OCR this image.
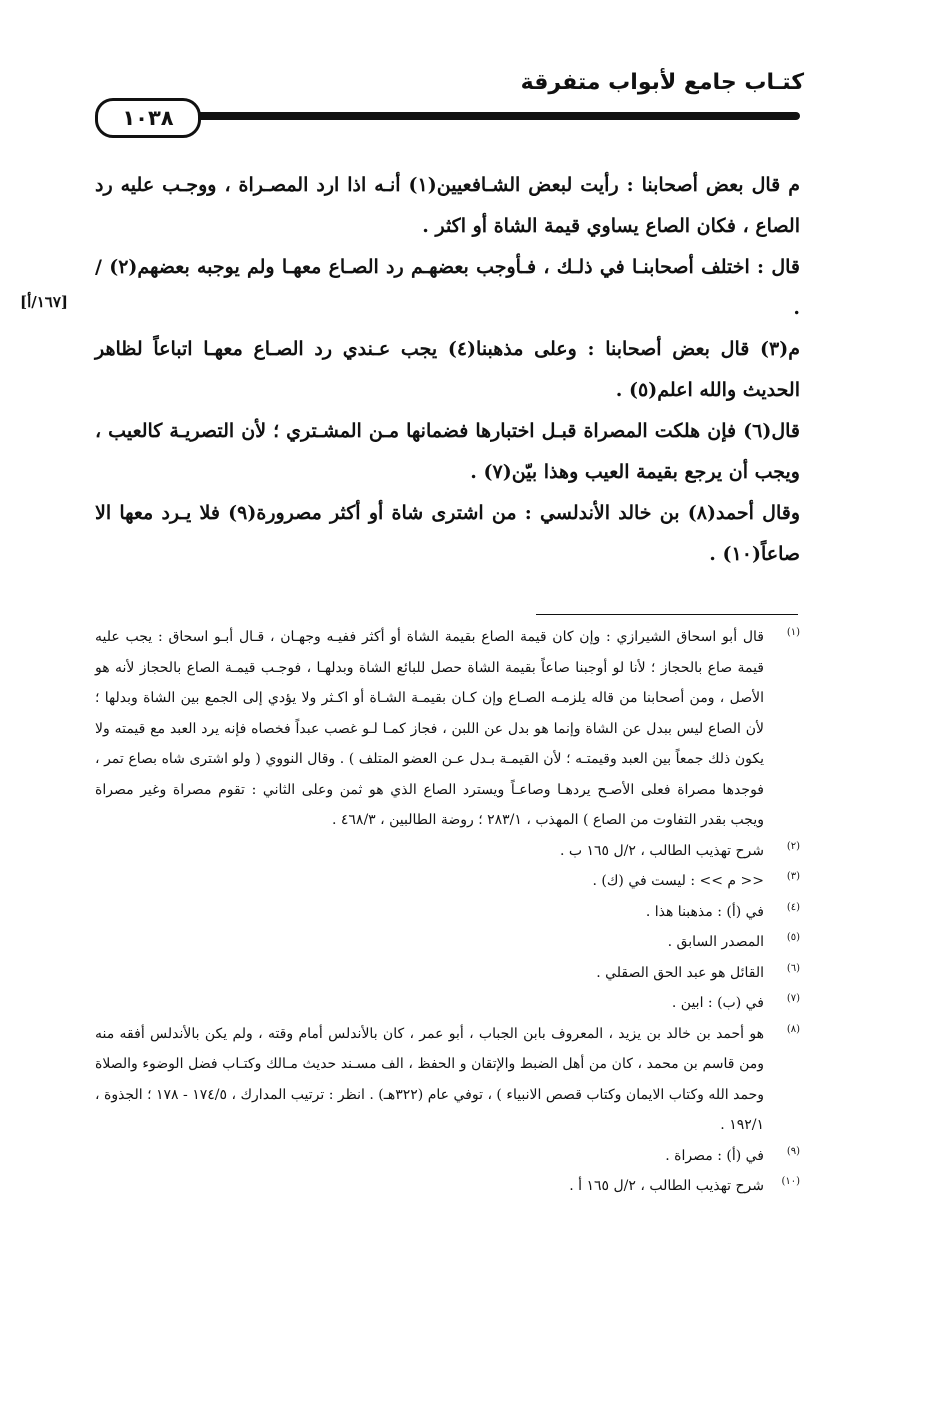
كتـاب جامع لأبواب متفرقة
١٠٣٨
[١٦٧/أ]

م قال بعض أصحابنا : رأيت لبعض الشـافعيين(١) أنـه اذا ارد المصـراة ، ووجـب عليه رد الصاع ، فكان الصاع يساوي قيمة الشاة أو اكثر .

قال : اختلف أصحابنـا في ذلـك ، فـأوجب بعضهـم رد الصـاع معهـا ولم يوجبه بعضهم(٢) / .

م(٣) قال بعض أصحابنا : وعلى مذهبنا(٤) يجب عـندي رد الصـاع معهـا اتباعاً لظاهر الحديث والله اعلم(٥) .

قال(٦) فإن هلكت المصراة قبـل اختبارها فضمانها مـن المشـتري ؛ لأن التصريـة كالعيب ، ويجب أن يرجع بقيمة العيب وهذا بيّن(٧) .

وقال أحمد(٨) بن خالد الأندلسي : من اشترى شاة أو أكثر مصرورة(٩) فلا يـرد معها الا صاعاً(١٠) .

(١)
قال أبو اسحاق الشيرازي : وإن كان قيمة الصاع بقيمة الشاة أو أكثر ففيـه وجهـان ، قـال أبـو اسحاق : يجب عليه قيمة صاع بالحجاز ؛ لأنا لو أوجبنا صاعاً بقيمة الشاة حصل للبائع الشاة وبدلهـا ، فوجـب قيمـة الصاع بالحجاز لأنه هو الأصل ، ومن أصحابنا من قاله يلزمـه الصـاع وإن كـان بقيمـة الشـاة أو اكـثر ولا يؤدي إلى الجمع بين الشاة وبدلها ؛ لأن الصاع ليس ببدل عن الشاة وإنما هو بدل عن اللبن ، فجاز كمـا لـو غصب عبداً فخصاه فإنه يرد العبد مع قيمته ولا يكون ذلك جمعاً بين العبد وقيمتـه ؛ لأن القيمـة بـدل عـن العضو المتلف ) . وقال النووي ( ولو اشترى شاه بصاع تمر ، فوجدها مصراة فعلى الأصـح يردهـا وصاعـاً ويسترد الصاع الذي هو ثمن وعلى الثاني : تقوم مصراة وغير مصراة ويجب بقدر التفاوت من الصاع ) المهذب ، ٢٨٣/١ ؛ روضة الطالبين ، ٤٦٨/٣ .
(٢)
شرح تهذيب الطالب ، ٢/ل ١٦٥ ب .
(٣)
<< م >> : ليست في (ك) .
(٤)
في (أ) : مذهبنا هذا .
(٥)
المصدر السابق .
(٦)
القائل هو عبد الحق الصقلي .
(٧)
في (ب) : ابين .
(٨)
هو أحمد بن خالد بن يزيد ، المعروف بابن الجباب ، أبو عمر ، كان بالأندلس أمام وقته ، ولم يكن بالأندلس أفقه منه ومن قاسم بن محمد ، كان من أهل الضبط والإتقان و الحفظ ، الف مسـند حديث مـالك وكتـاب فضل الوضوء والصلاة وحمد الله وكتاب الايمان وكتاب قصص الانبياء ) ، توفي عام (٣٢٢هـ) . انظر : ترتيب المدارك ، ١٧٤/٥ - ١٧٨ ؛ الجذوة ، ١٩٢/١ .
(٩)
في (أ) : مصراة .
(١٠)
شرح تهذيب الطالب ، ٢/ل ١٦٥ أ .
